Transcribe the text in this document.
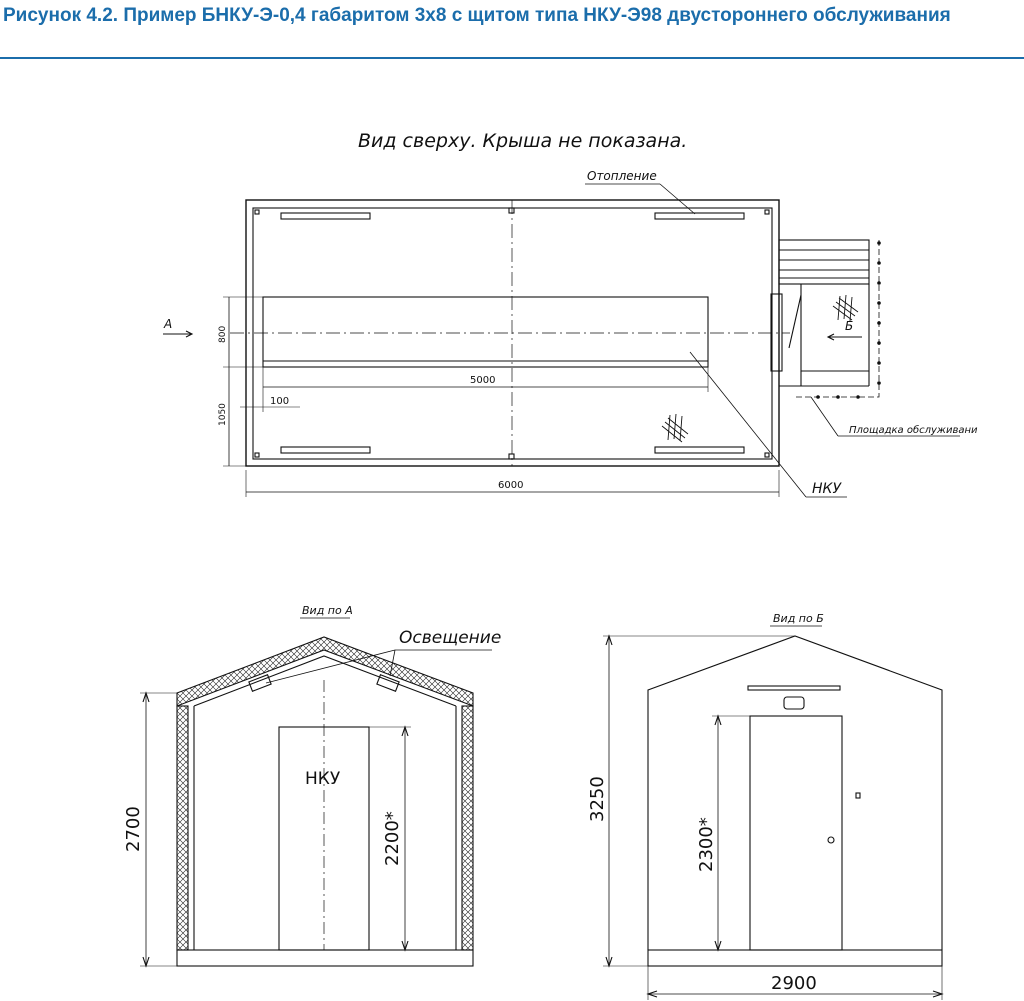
Рисунок 4.2. Пример БНКУ-Э-0,4 габаритом 3х8 с щитом типа НКУ-Э98 двустороннего обслуживания
Вид сверху. Крыша не показана.
Отопление
Площадка обслуживани
НКУ
А	Б
800
1050
100
5000
6000
Вид по А
НКУ
Освещение
2700	2200*
Вид по Б
3250
2300*
2900
